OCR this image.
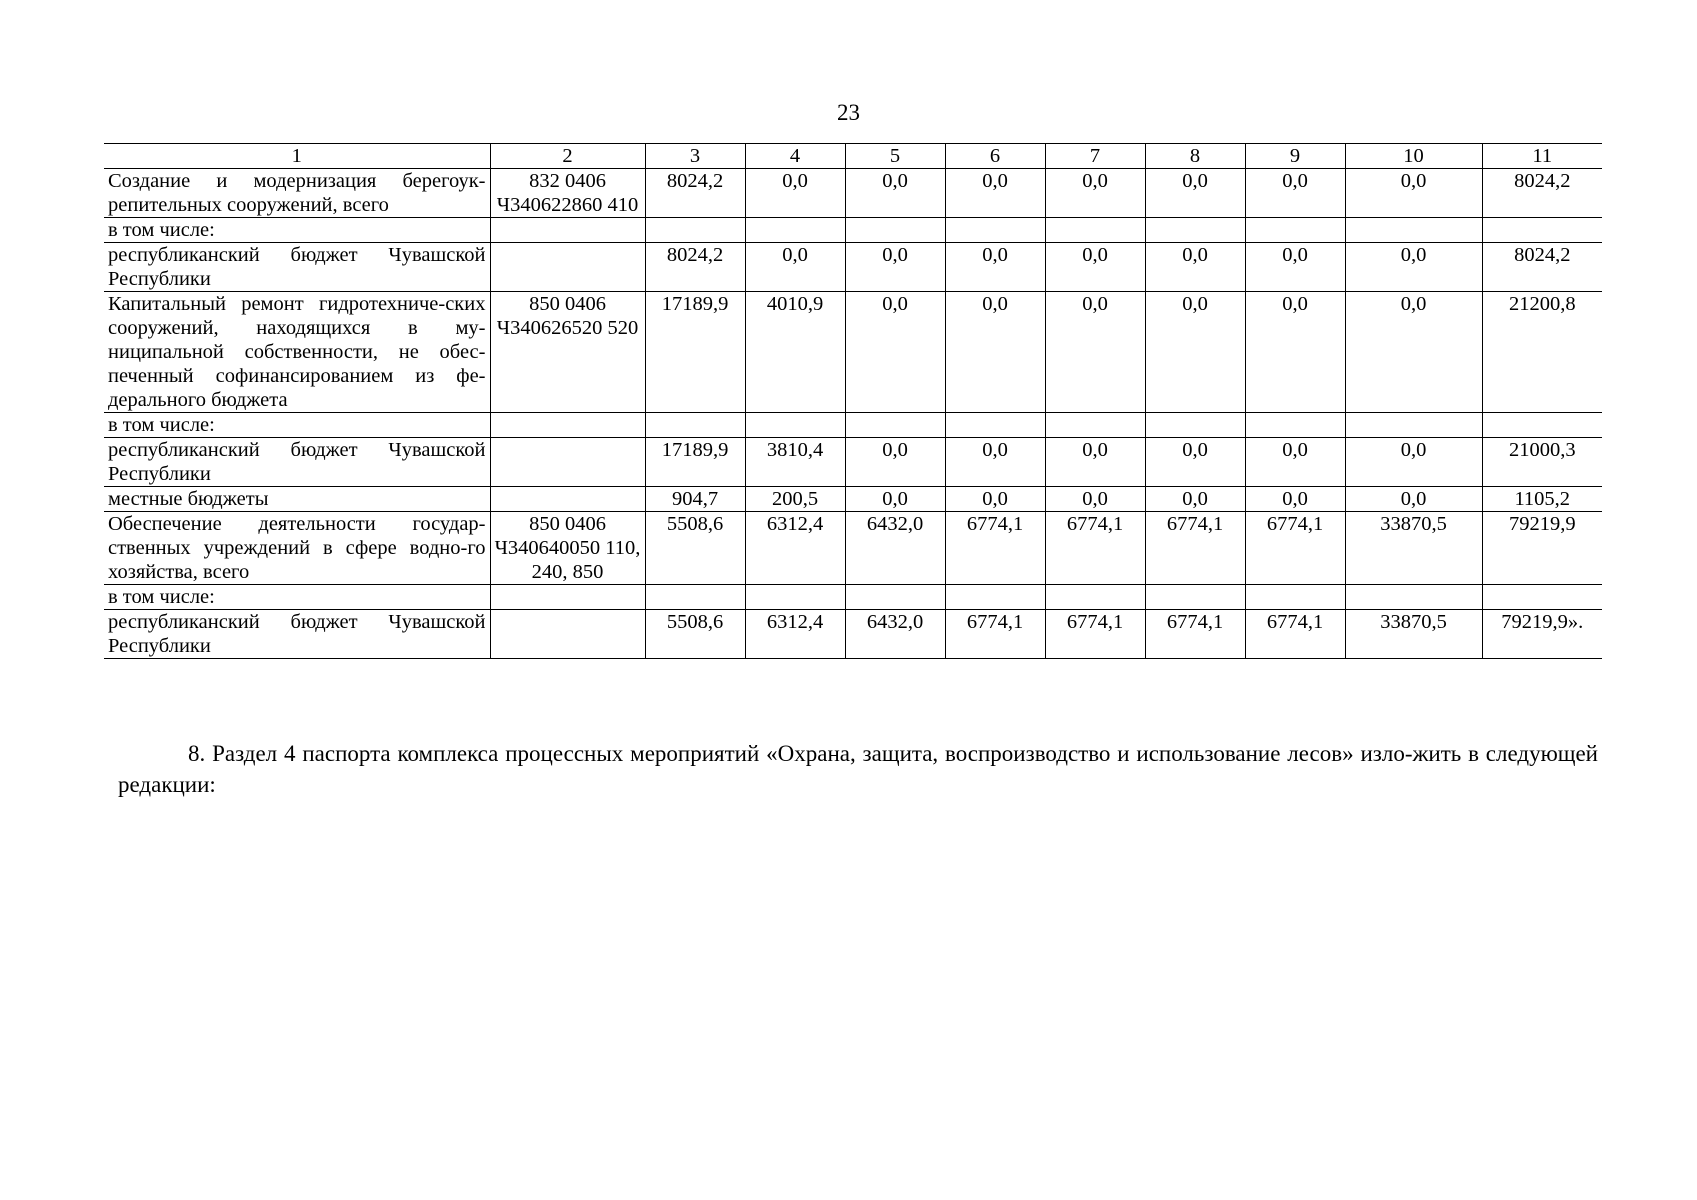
23
1	2	3	4	5	6	7	8	9	10	11
Создание и модернизация берегоук-репительных сооружений, всего	832 0406 Ч340622860 410	8024,2	0,0	0,0	0,0	0,0	0,0	0,0	0,0	8024,2
в том числе:										
республиканский бюджет Чувашской Республики		8024,2	0,0	0,0	0,0	0,0	0,0	0,0	0,0	8024,2
Капитальный ремонт гидротехниче-ских сооружений, находящихся в му-ниципальной собственности, не обес-печенный софинансированием из фе-дерального бюджета	850 0406 Ч340626520 520	17189,9	4010,9	0,0	0,0	0,0	0,0	0,0	0,0	21200,8
в том числе:										
республиканский бюджет Чувашской Республики		17189,9	3810,4	0,0	0,0	0,0	0,0	0,0	0,0	21000,3
местные бюджеты		904,7	200,5	0,0	0,0	0,0	0,0	0,0	0,0	1105,2
Обеспечение деятельности государ-ственных учреждений в сфере водно-го хозяйства, всего	850 0406 Ч340640050 110, 240, 850	5508,6	6312,4	6432,0	6774,1	6774,1	6774,1	6774,1	33870,5	79219,9
в том числе:										
республиканский бюджет Чувашской Республики		5508,6	6312,4	6432,0	6774,1	6774,1	6774,1	6774,1	33870,5	79219,9».
8. Раздел 4 паспорта комплекса процессных мероприятий «Охрана, защита, воспроизводство и использование лесов» изло-жить в следующей редакции:
